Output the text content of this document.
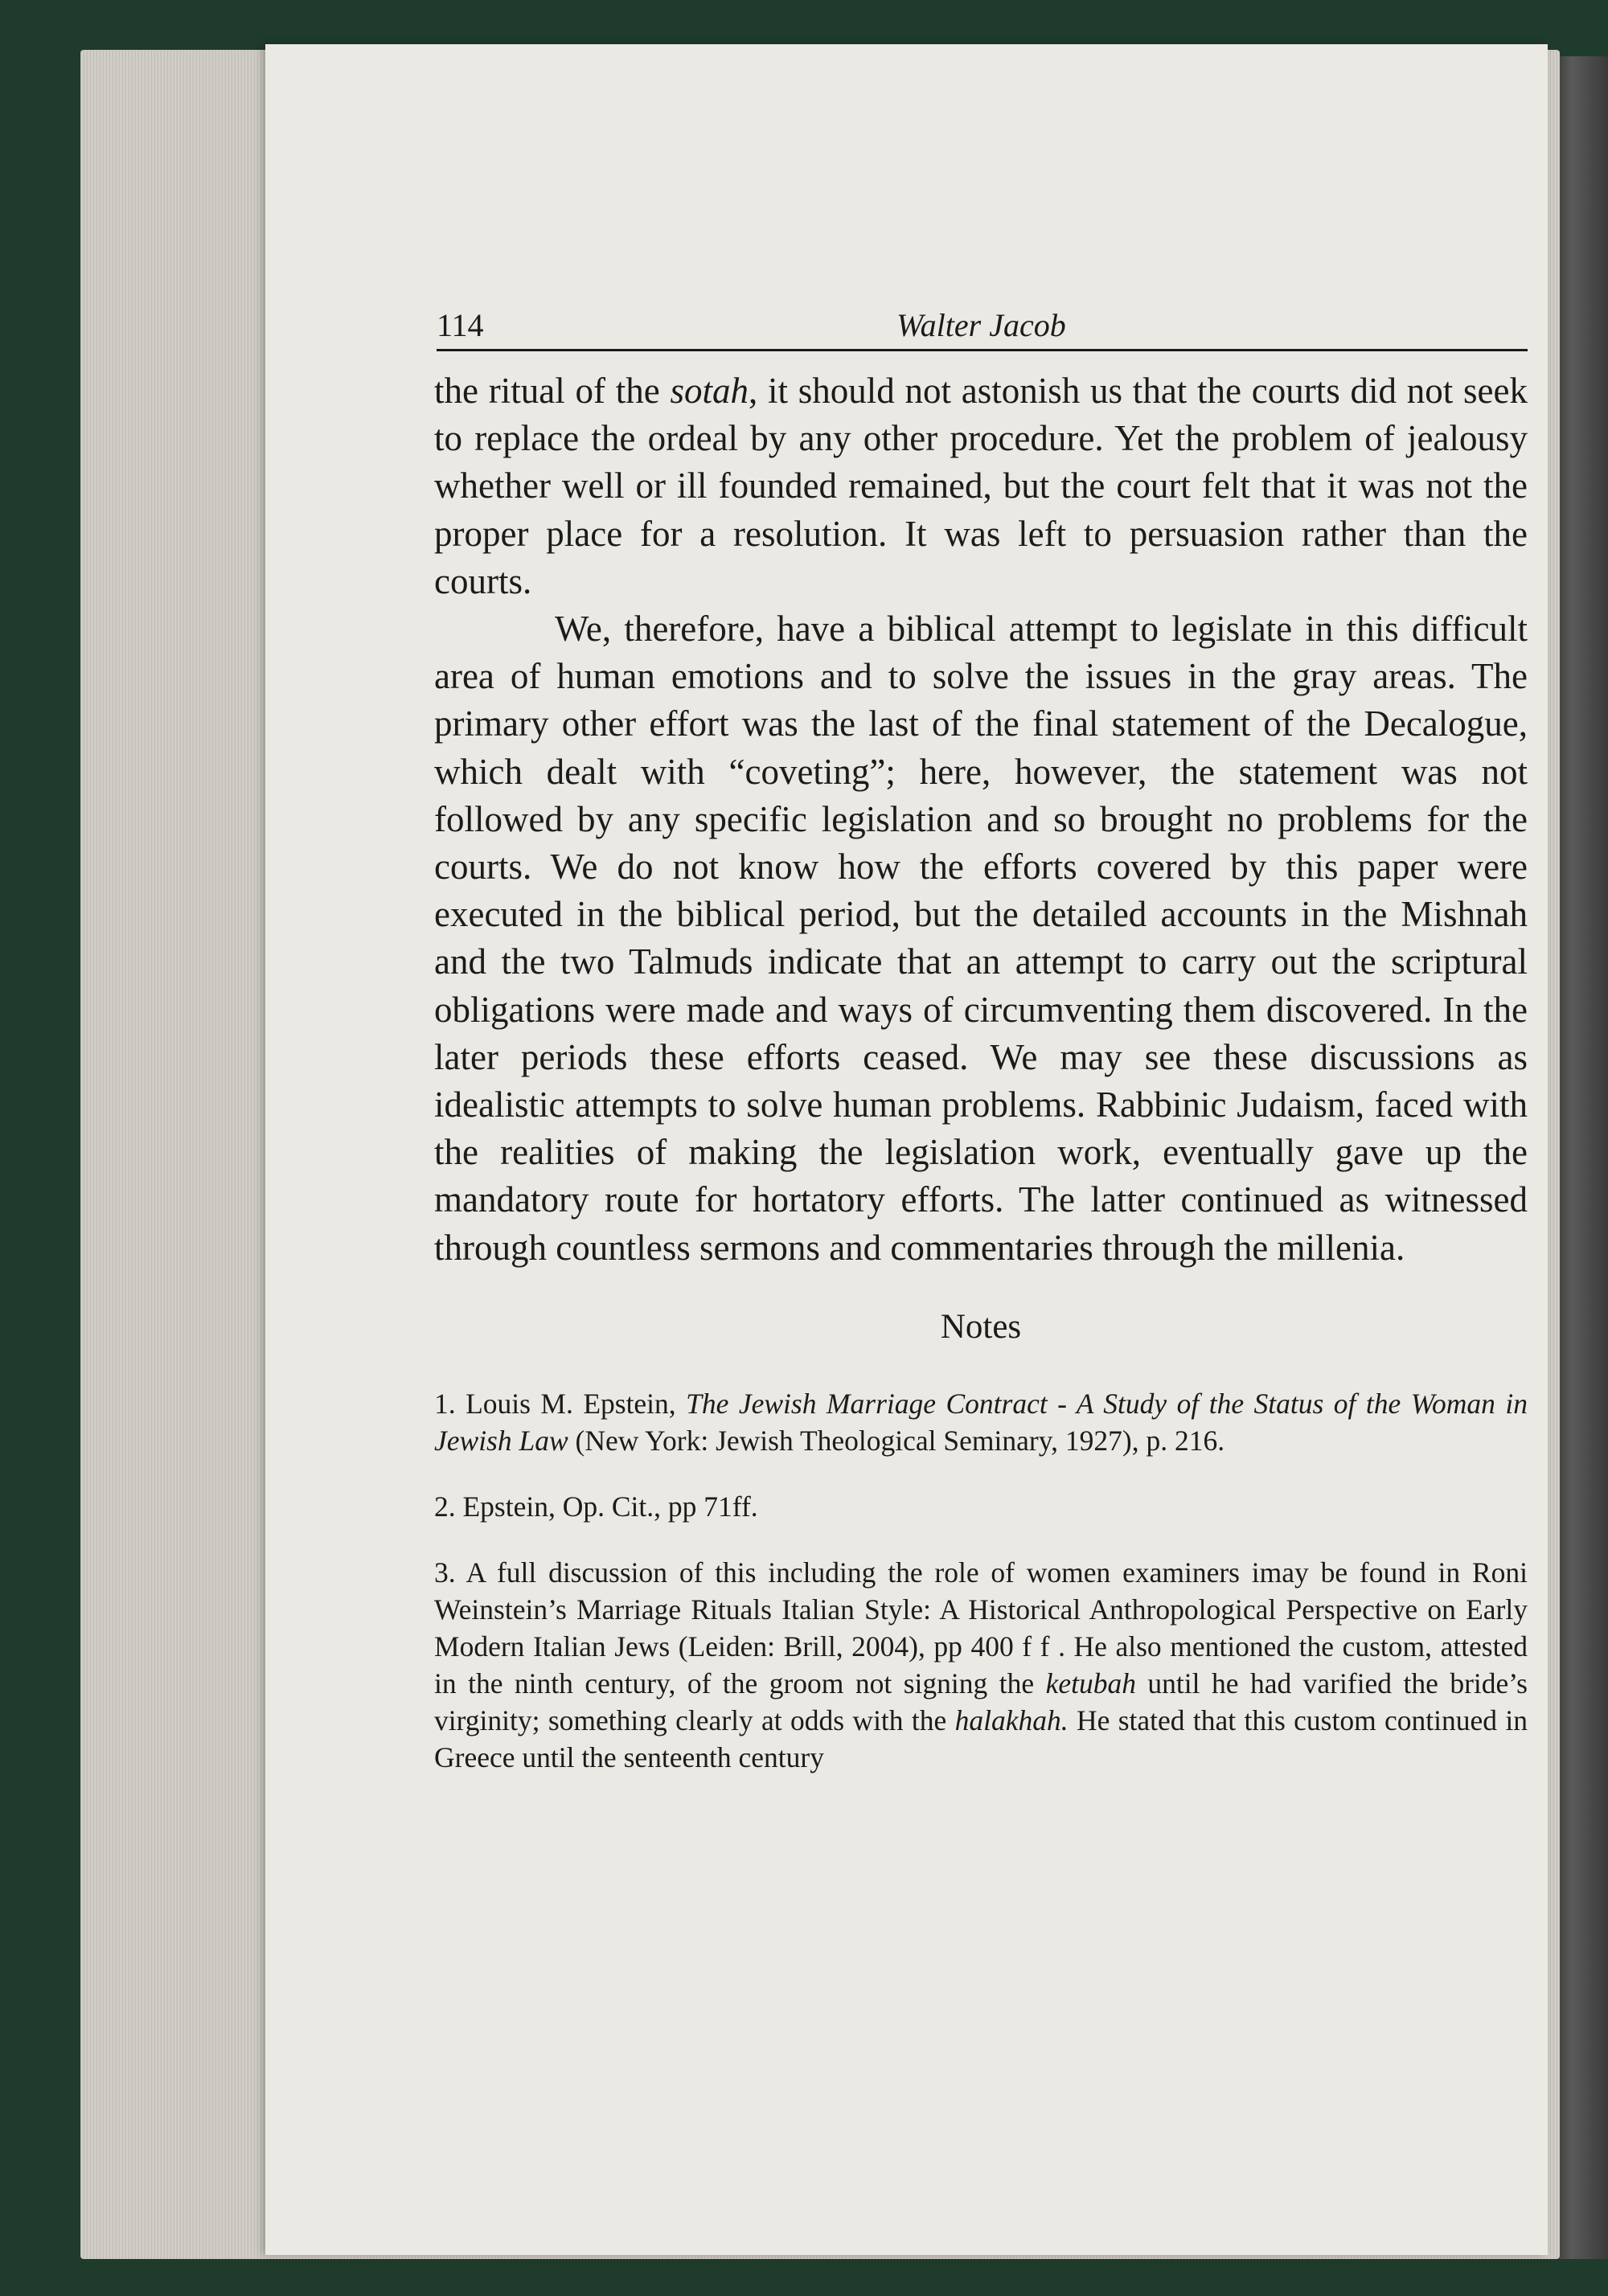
114	Walter Jacob

the ritual of the sotah, it should not astonish us that the courts did not seek to replace the ordeal by any other procedure. Yet the problem of jealousy whether well or ill founded remained, but the court felt that it was not the proper place for a resolution. It was left to persuasion rather than the courts.

We, therefore, have a biblical attempt to legislate in this difficult area of human emotions and to solve the issues in the gray areas. The primary other effort was the last of the final statement of the Decalogue, which dealt with “coveting”; here, however, the statement was not followed by any specific legislation and so brought no problems for the courts. We do not know how the efforts covered by this paper were executed in the biblical period, but the detailed accounts in the Mishnah and the two Talmuds indicate that an attempt to carry out the scriptural obligations were made and ways of circumventing them discovered. In the later periods these efforts ceased. We may see these discussions as idealistic attempts to solve human problems. Rabbinic Judaism, faced with the realities of making the legislation work, eventually gave up the mandatory route for hortatory efforts. The latter continued as witnessed through countless sermons and commentaries through the millenia.

Notes

1. Louis M. Epstein, The Jewish Marriage Contract - A Study of the Status of the Woman in Jewish Law (New York: Jewish Theological Seminary, 1927), p. 216.

2. Epstein, Op. Cit., pp 71ff.

3. A full discussion of this including the role of women examiners imay be found in Roni Weinstein’s Marriage Rituals Italian Style: A Historical Anthropological Perspective on Early Modern Italian Jews (Leiden: Brill, 2004), pp 400 f f . He also mentioned the custom, attested in the ninth century, of the groom not signing the ketubah until he had varified the bride’s virginity; something clearly at odds with the halakhah. He stated that this custom continued in Greece until the senteenth century
